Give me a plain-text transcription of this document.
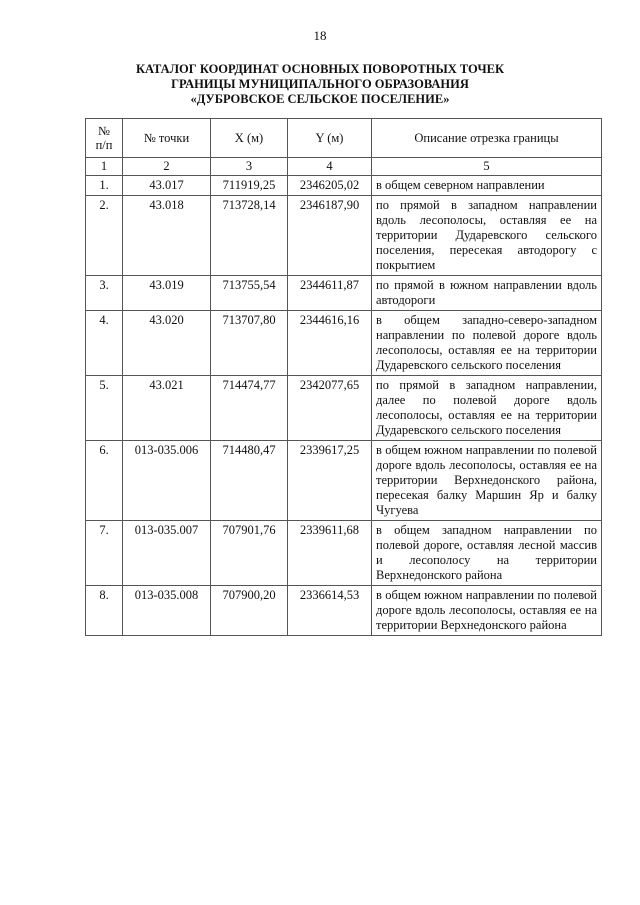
18
КАТАЛОГ КООРДИНАТ ОСНОВНЫХ ПОВОРОТНЫХ ТОЧЕК
ГРАНИЦЫ МУНИЦИПАЛЬНОГО ОБРАЗОВАНИЯ
«ДУБРОВСКОЕ СЕЛЬСКОЕ ПОСЕЛЕНИЕ»
№
п/п	№ точки	X (м)	Y (м)	Описание отрезка границы
1	2	3	4	5
1.	43.017	711919,25	2346205,02	в общем северном направлении
2.	43.018	713728,14	2346187,90	по прямой в западном направлении вдоль лесополосы, оставляя ее на территории Дударевского сельского поселения, пересекая автодорогу с покрытием
3.	43.019	713755,54	2344611,87	по прямой в южном направлении вдоль автодороги
4.	43.020	713707,80	2344616,16	в общем западно-северо-западном направлении по полевой дороге вдоль лесополосы, оставляя ее на территории Дударевского сельского поселения
5.	43.021	714474,77	2342077,65	по прямой в западном направлении, далее по полевой дороге вдоль лесополосы, оставляя ее на территории Дударевского сельского поселения
6.	013-035.006	714480,47	2339617,25	в общем южном направлении по полевой дороге вдоль лесополосы, оставляя ее на территории Верхнедонского района, пересекая балку Маршин Яр и балку Чугуева
7.	013-035.007	707901,76	2339611,68	в общем западном направлении по полевой дороге, оставляя лесной массив и лесополосу на территории Верхнедонского района
8.	013-035.008	707900,20	2336614,53	в общем южном направлении по полевой дороге вдоль лесополосы, оставляя ее на территории Верхнедонского района
